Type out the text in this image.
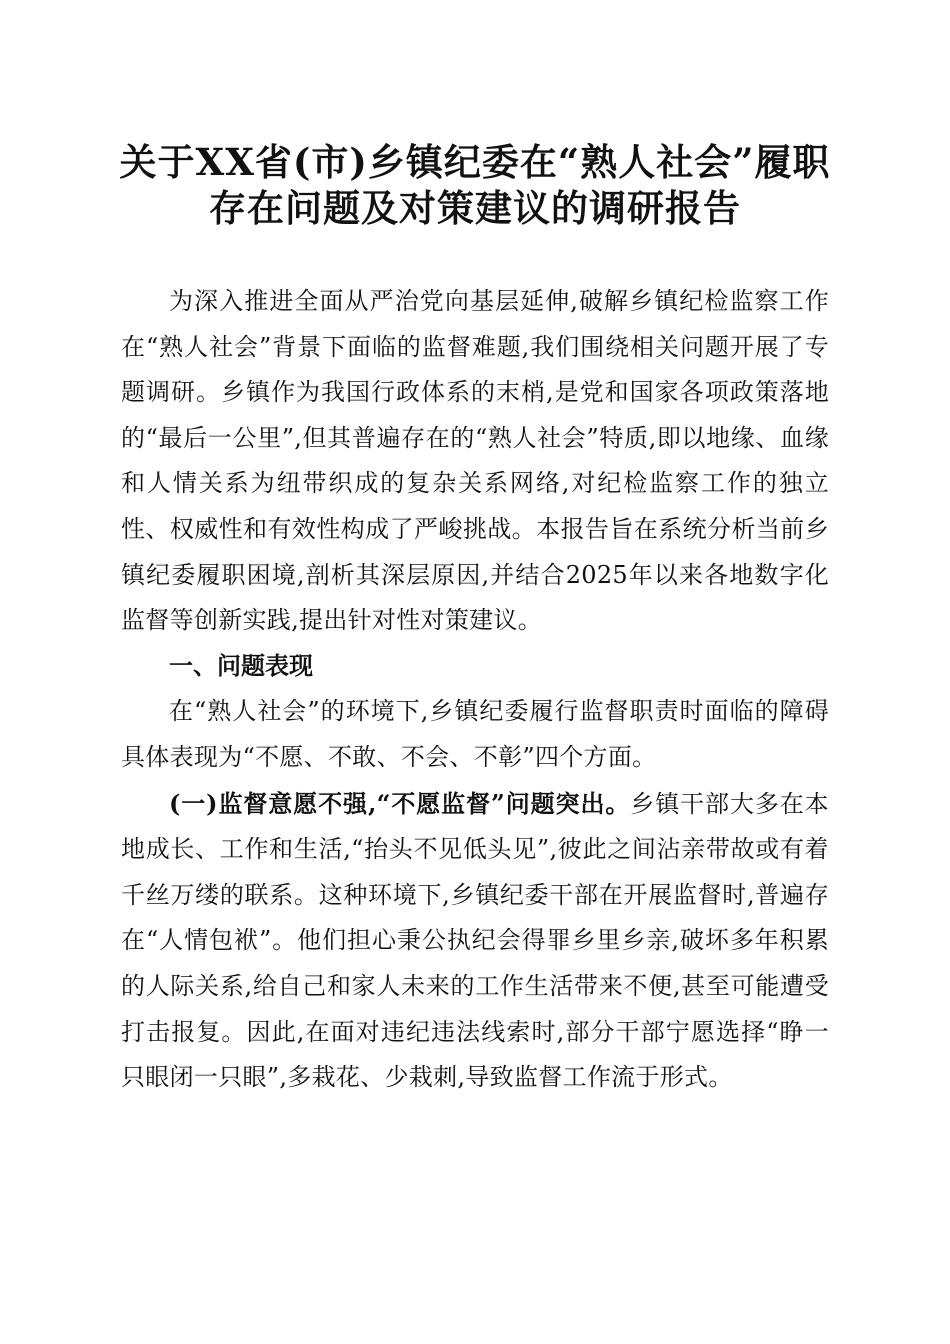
关于XX省(市)乡镇纪委在“熟人社会”履职
存在问题及对策建议的调研报告

为深入推进全面从严治党向基层延伸,破解乡镇纪检监察工作在“熟人社会”背景下面临的监督难题,我们围绕相关问题开展了专题调研。乡镇作为我国行政体系的末梢,是党和国家各项政策落地的“最后一公里”,但其普遍存在的“熟人社会”特质,即以地缘、血缘和人情关系为纽带织成的复杂关系网络,对纪检监察工作的独立性、权威性和有效性构成了严峻挑战。本报告旨在系统分析当前乡镇纪委履职困境,剖析其深层原因,并结合2025年以来各地数字化监督等创新实践,提出针对性对策建议。

一、问题表现

在“熟人社会”的环境下,乡镇纪委履行监督职责时面临的障碍具体表现为“不愿、不敢、不会、不彰”四个方面。

(一)监督意愿不强,“不愿监督”问题突出。乡镇干部大多在本地成长、工作和生活,“抬头不见低头见”,彼此之间沾亲带故或有着千丝万缕的联系。这种环境下,乡镇纪委干部在开展监督时,普遍存在“人情包袱”。他们担心秉公执纪会得罪乡里乡亲,破坏多年积累的人际关系,给自己和家人未来的工作生活带来不便,甚至可能遭受打击报复。因此,在面对违纪违法线索时,部分干部宁愿选择“睁一只眼闭一只眼”,多栽花、少栽刺,导致监督工作流于形式。
